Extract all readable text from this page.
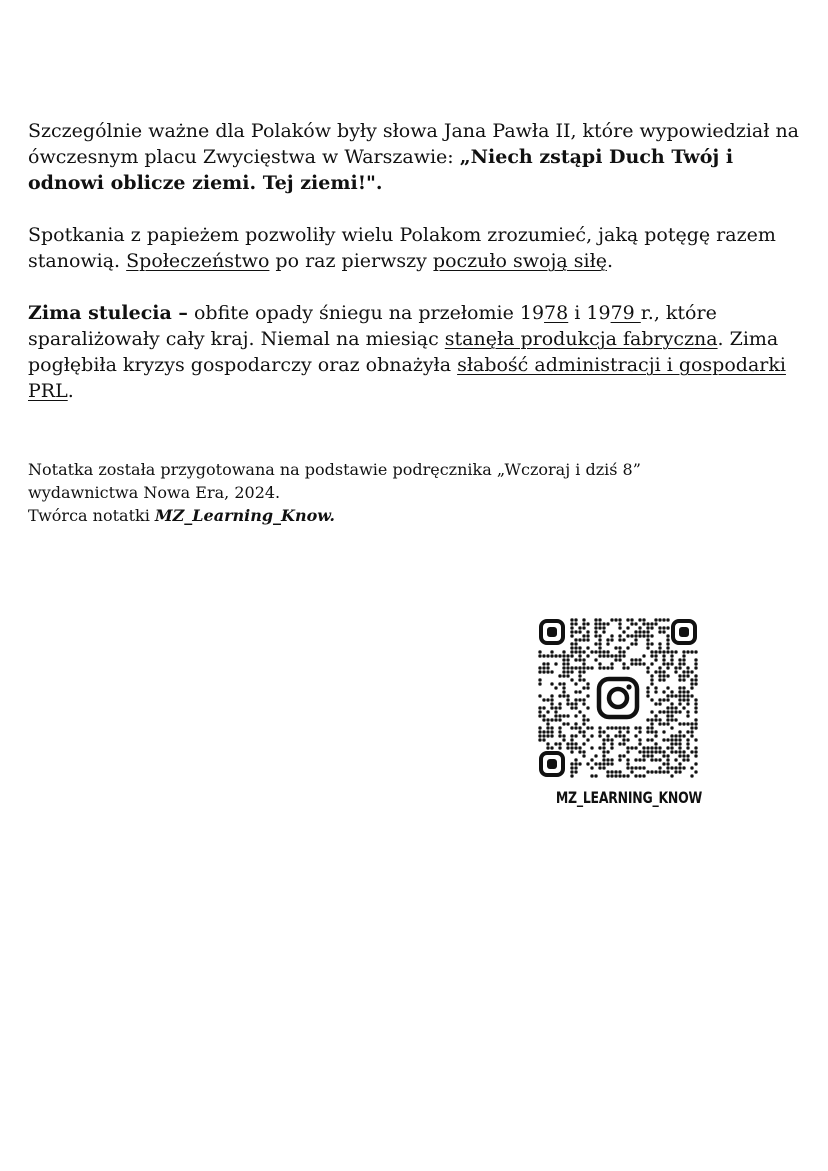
Szczególnie ważne dla Polaków były słowa Jana Pawła II, które wypowiedział na ówczesnym placu Zwycięstwa w Warszawie: „Niech zstąpi Duch Twój i odnowi oblicze ziemi. Tej ziemi!".

Spotkania z papieżem pozwoliły wielu Polakom zrozumieć, jaką potęgę razem stanowią. Społeczeństwo po raz pierwszy poczuło swoją siłę.

Zima stulecia – obfite opady śniegu na przełomie 1978 i 1979 r., które sparaliżowały cały kraj. Niemal na miesiąc stanęła produkcja fabryczna. Zima pogłębiła kryzys gospodarczy oraz obnażyła słabość administracji i gospodarki PRL.

Notatka została przygotowana na podstawie podręcznika „Wczoraj i dziś 8”
wydawnictwa Nowa Era, 2024.
Twórca notatki MZ_Learning_Know.

MZ_LEARNING_KNOW
